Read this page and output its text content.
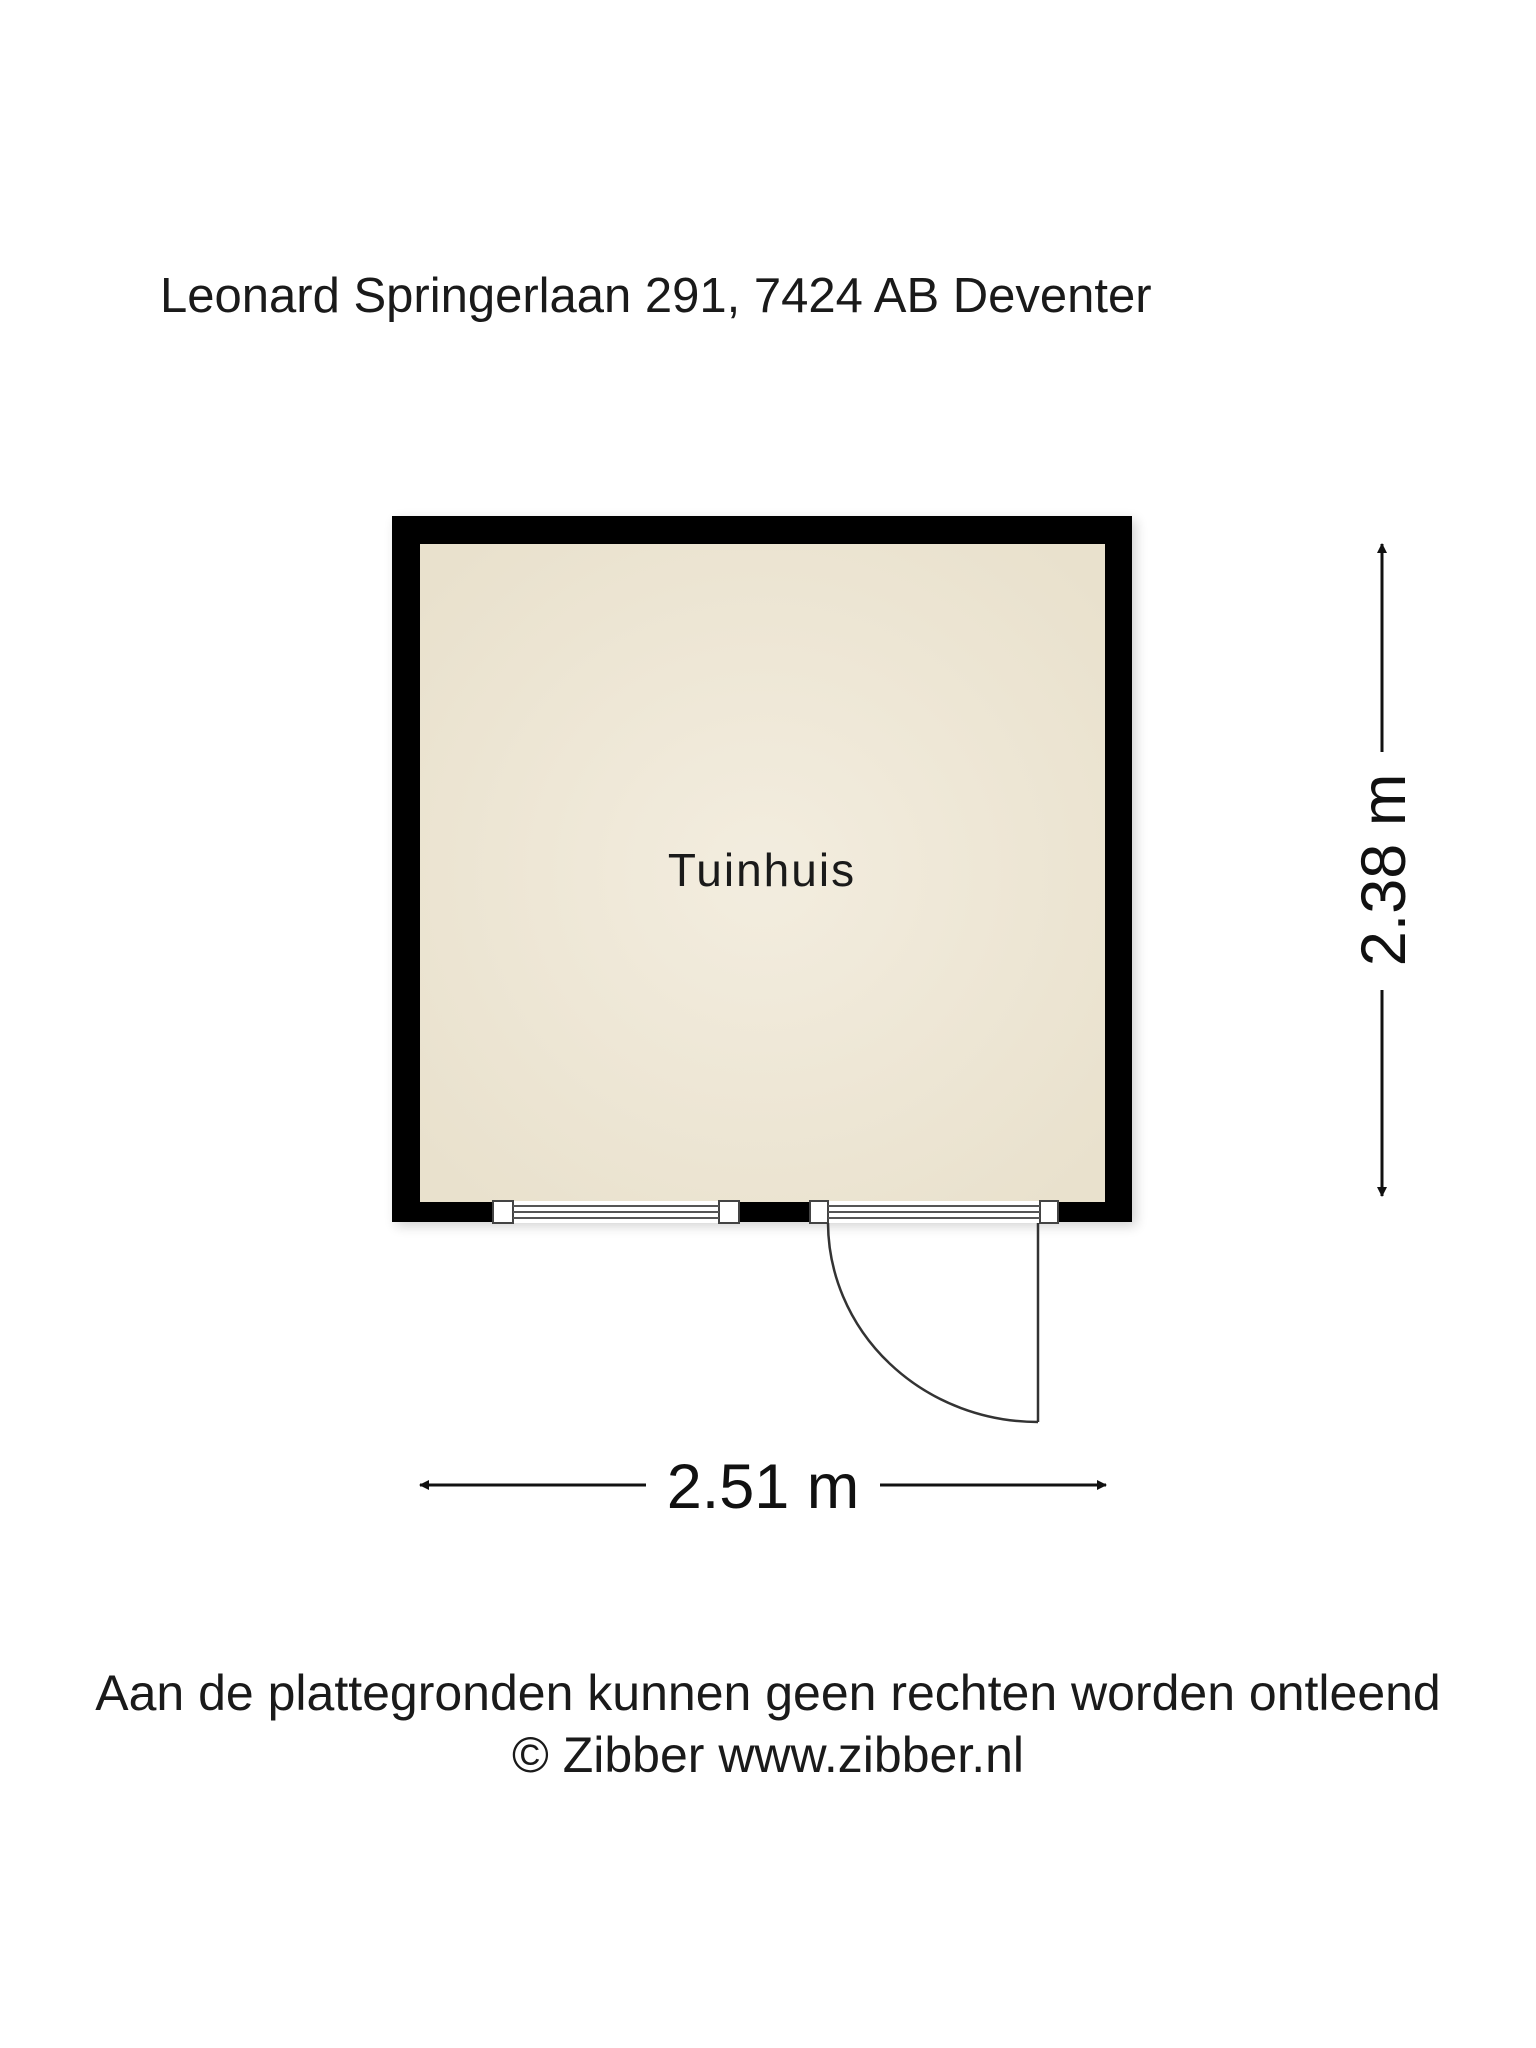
Leonard Springerlaan 291, 7424 AB Deventer
Tuinhuis
2.51 m
2.38 m
Aan de plattegronden kunnen geen rechten worden ontleend
© Zibber www.zibber.nl
